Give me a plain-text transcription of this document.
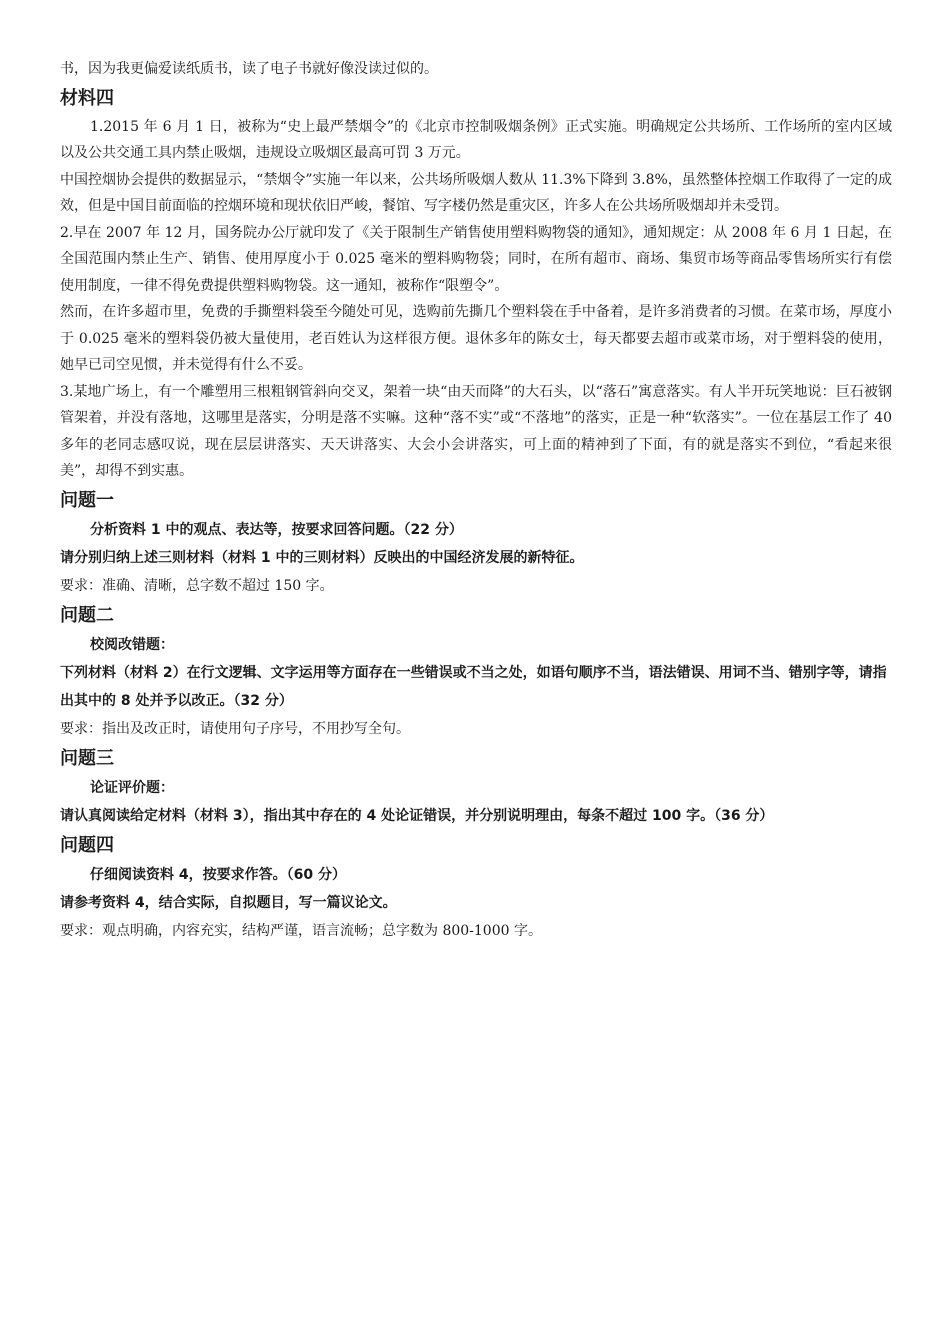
书，因为我更偏爱读纸质书，读了电子书就好像没读过似的。

材料四

1.2015 年 6 月 1 日，被称为“史上最严禁烟令”的《北京市控制吸烟条例》正式实施。明确规定公共场所、工作场所的室内区域以及公共交通工具内禁止吸烟，违规设立吸烟区最高可罚 3 万元。

中国控烟协会提供的数据显示，“禁烟令”实施一年以来，公共场所吸烟人数从 11.3%下降到 3.8%，虽然整体控烟工作取得了一定的成效，但是中国目前面临的控烟环境和现状依旧严峻，餐馆、写字楼仍然是重灾区，许多人在公共场所吸烟却并未受罚。

2.早在 2007 年 12 月，国务院办公厅就印发了《关于限制生产销售使用塑料购物袋的通知》，通知规定：从 2008 年 6 月 1 日起，在全国范围内禁止生产、销售、使用厚度小于 0.025 毫米的塑料购物袋；同时，在所有超市、商场、集贸市场等商品零售场所实行有偿使用制度，一律不得免费提供塑料购物袋。这一通知，被称作“限塑令”。

然而，在许多超市里，免费的手撕塑料袋至今随处可见，选购前先撕几个塑料袋在手中备着，是许多消费者的习惯。在菜市场，厚度小于 0.025 毫米的塑料袋仍被大量使用，老百姓认为这样很方便。退休多年的陈女士，每天都要去超市或菜市场，对于塑料袋的使用，她早已司空见惯，并未觉得有什么不妥。

3.某地广场上，有一个雕塑用三根粗钢管斜向交叉，架着一块“由天而降”的大石头，以“落石”寓意落实。有人半开玩笑地说：巨石被钢管架着，并没有落地，这哪里是落实，分明是落不实嘛。这种“落不实”或“不落地”的落实，正是一种“软落实”。一位在基层工作了 40 多年的老同志感叹说，现在层层讲落实、天天讲落实、大会小会讲落实，可上面的精神到了下面，有的就是落实不到位，“看起来很美”，却得不到实惠。

问题一

分析资料 1 中的观点、表达等，按要求回答问题。（22 分）

请分别归纳上述三则材料（材料 1 中的三则材料）反映出的中国经济发展的新特征。

要求：准确、清晰，总字数不超过 150 字。

问题二

校阅改错题：

下列材料（材料 2）在行文逻辑、文字运用等方面存在一些错误或不当之处，如语句顺序不当，语法错误、用词不当、错别字等，请指出其中的 8 处并予以改正。（32 分）

要求：指出及改正时，请使用句子序号，不用抄写全句。

问题三

论证评价题：

请认真阅读给定材料（材料 3），指出其中存在的 4 处论证错误，并分别说明理由，每条不超过 100 字。（36 分）

问题四

仔细阅读资料 4，按要求作答。（60 分）

请参考资料 4，结合实际，自拟题目，写一篇议论文。

要求：观点明确，内容充实，结构严谨，语言流畅；总字数为 800-1000 字。
